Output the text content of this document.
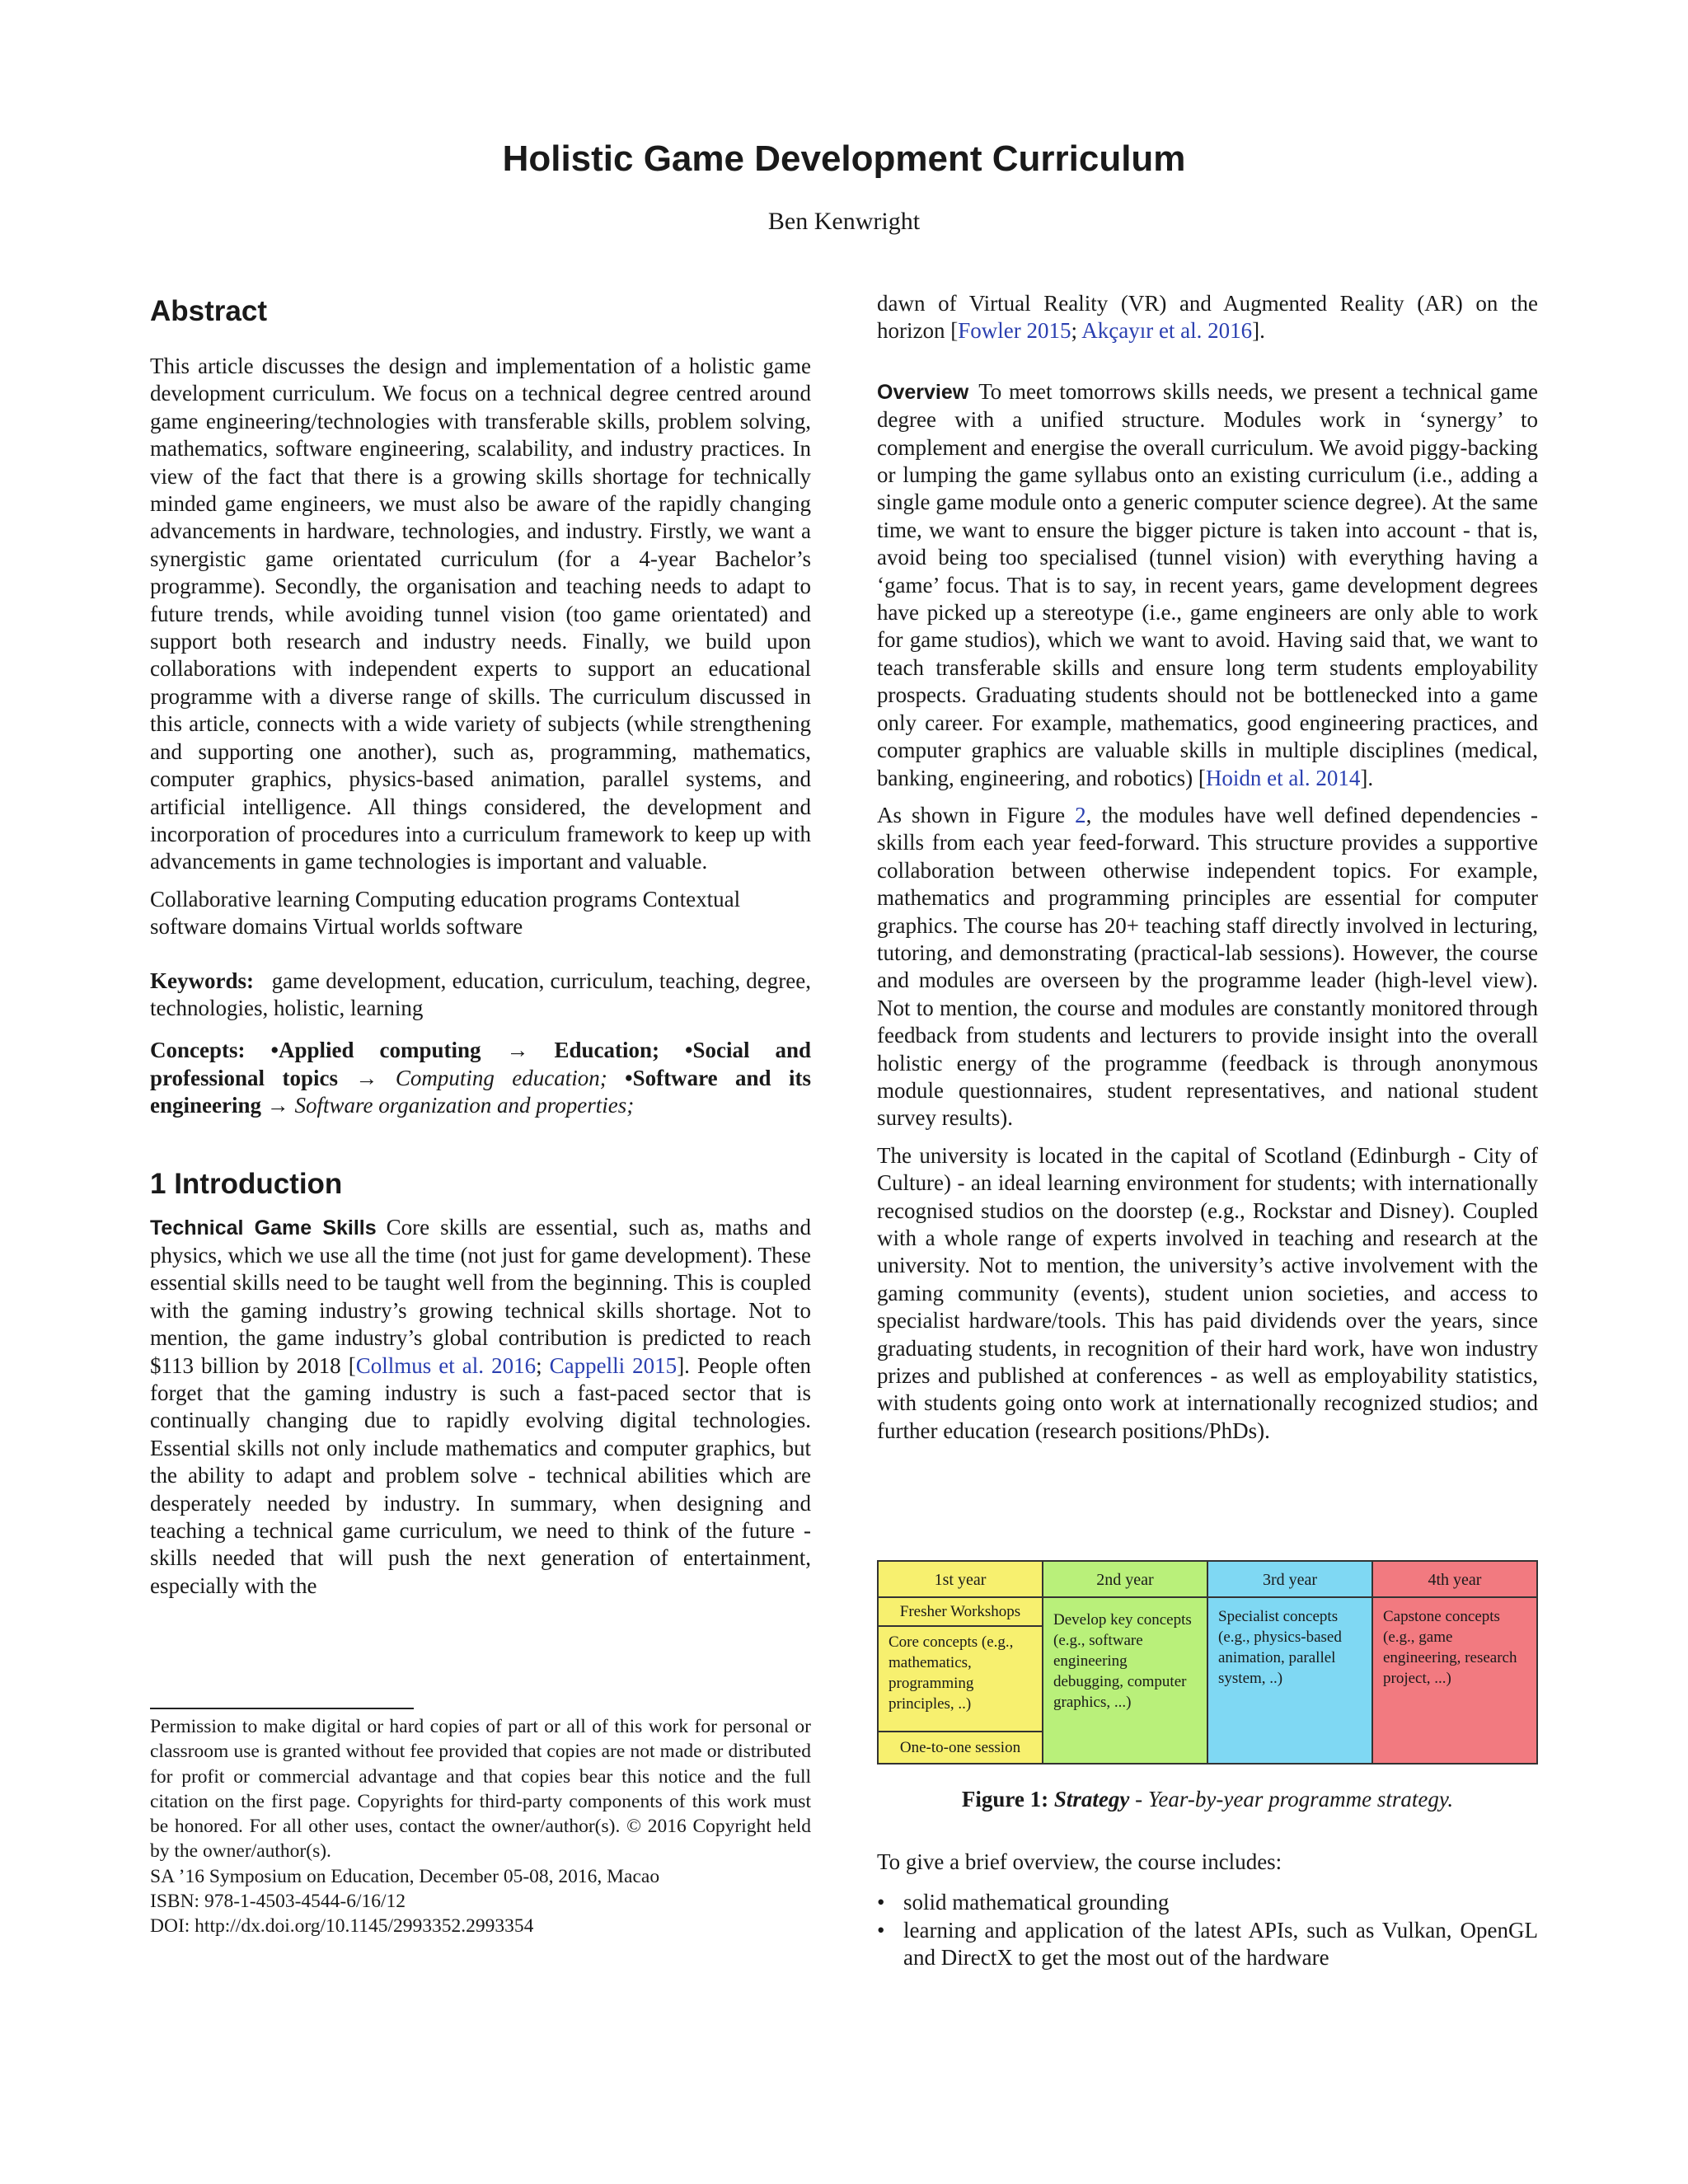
Holistic Game Development Curriculum
Ben Kenwright
Abstract

This article discusses the design and implementation of a holistic game development curriculum. We focus on a technical degree centred around game engineering/technologies with transferable skills, problem solving, mathematics, software engineering, scalability, and industry practices. In view of the fact that there is a growing skills shortage for technically minded game engineers, we must also be aware of the rapidly changing advancements in hardware, technologies, and industry. Firstly, we want a synergistic game orientated curriculum (for a 4-year Bachelor’s programme). Secondly, the organisation and teaching needs to adapt to future trends, while avoiding tunnel vision (too game orientated) and support both research and industry needs. Finally, we build upon collaborations with independent experts to support an educational programme with a diverse range of skills. The curriculum discussed in this article, connects with a wide variety of subjects (while strengthening and supporting one another), such as, programming, mathematics, computer graphics, physics-based animation, parallel systems, and artificial intelligence. All things considered, the development and incorporation of procedures into a curriculum framework to keep up with advancements in game technologies is important and valuable.

Collaborative learning Computing education programs Contextual software domains Virtual worlds software

Keywords: game development, education, curriculum, teaching, degree, technologies, holistic, learning

Concepts: •Applied computing → Education; •Social and professional topics → Computing education; •Software and its engineering → Software organization and properties;

1 Introduction

Technical Game Skills Core skills are essential, such as, maths and physics, which we use all the time (not just for game development). These essential skills need to be taught well from the beginning. This is coupled with the gaming industry’s growing technical skills shortage. Not to mention, the game industry’s global contribution is predicted to reach $113 billion by 2018 [Collmus et al. 2016; Cappelli 2015]. People often forget that the gaming industry is such a fast-paced sector that is continually changing due to rapidly evolving digital technologies. Essential skills not only include mathematics and computer graphics, but the ability to adapt and problem solve - technical abilities which are desperately needed by industry. In summary, when designing and teaching a technical game curriculum, we need to think of the future - skills needed that will push the next generation of entertainment, especially with the

Permission to make digital or hard copies of part or all of this work for personal or classroom use is granted without fee provided that copies are not made or distributed for profit or commercial advantage and that copies bear this notice and the full citation on the first page. Copyrights for third-party components of this work must be honored. For all other uses, contact the owner/author(s). © 2016 Copyright held by the owner/author(s).

SA ’16 Symposium on Education, December 05-08, 2016, Macao

ISBN: 978-1-4503-4544-6/16/12

DOI: http://dx.doi.org/10.1145/2993352.2993354

dawn of Virtual Reality (VR) and Augmented Reality (AR) on the horizon [Fowler 2015; Akçayır et al. 2016].

Overview To meet tomorrows skills needs, we present a technical game degree with a unified structure. Modules work in ‘synergy’ to complement and energise the overall curriculum. We avoid piggy-backing or lumping the game syllabus onto an existing curriculum (i.e., adding a single game module onto a generic computer science degree). At the same time, we want to ensure the bigger picture is taken into account - that is, avoid being too specialised (tunnel vision) with everything having a ‘game’ focus. That is to say, in recent years, game development degrees have picked up a stereotype (i.e., game engineers are only able to work for game studios), which we want to avoid. Having said that, we want to teach transferable skills and ensure long term students employability prospects. Graduating students should not be bottlenecked into a game only career. For example, mathematics, good engineering practices, and computer graphics are valuable skills in multiple disciplines (medical, banking, engineering, and robotics) [Hoidn et al. 2014].

As shown in Figure 2, the modules have well defined dependencies - skills from each year feed-forward. This structure provides a supportive collaboration between otherwise independent topics. For example, mathematics and programming principles are essential for computer graphics. The course has 20+ teaching staff directly involved in lecturing, tutoring, and demonstrating (practical-lab sessions). However, the course and modules are overseen by the programme leader (high-level view). Not to mention, the course and modules are constantly monitored through feedback from students and lecturers to provide insight into the overall holistic energy of the programme (feedback is through anonymous module questionnaires, student representatives, and national student survey results).

The university is located in the capital of Scotland (Edinburgh - City of Culture) - an ideal learning environment for students; with internationally recognised studios on the doorstep (e.g., Rockstar and Disney). Coupled with a whole range of experts involved in teaching and research at the university. Not to mention, the university’s active involvement with the gaming community (events), student union societies, and access to specialist hardware/tools. This has paid dividends over the years, since graduating students, in recognition of their hard work, have won industry prizes and published at conferences - as well as employability statistics, with students going onto work at internationally recognized studios; and further education (research positions/PhDs).

1st year
Fresher Workshops
Core concepts (e.g., mathematics, programming principles, ..)
One-to-one session
2nd year
Develop key concepts (e.g., software engineering debugging, computer graphics, ...)
3rd year
Specialist concepts (e.g., physics-based animation, parallel system, ..)
4th year
Capstone concepts (e.g., game engineering, research project, ...)
Figure 1: Strategy - Year-by-year programme strategy.

To give a brief overview, the course includes:

• solid mathematical grounding
• learning and application of the latest APIs, such as Vulkan, OpenGL and DirectX to get the most out of the hardware
